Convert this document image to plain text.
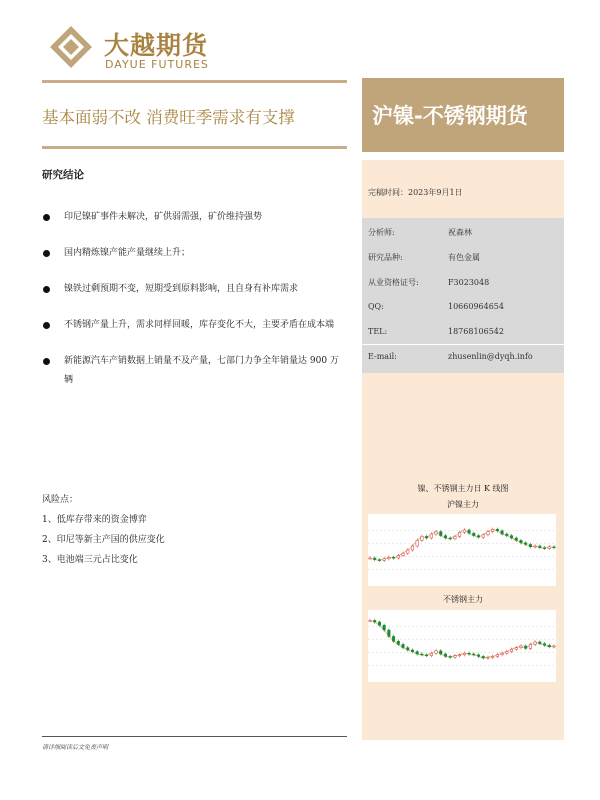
大越期货
DAYUE FUTURES
基本面弱不改 消费旺季需求有支撑	沪镍-不锈钢期货
研究结论
印尼镍矿事件未解决，矿供弱需强，矿价维持强势
国内精炼镍产能产量继续上升；
镍铁过剩预期不变，短期受到原料影响，且自身有补库需求
不锈钢产量上升，需求同样回暖，库存变化不大，主要矛盾在成本端
新能源汽车产销数据上销量不及产量，七部门力争全年销量达 900 万辆
风险点：
1、低库存带来的资金博弈
2、印尼等新主产国的供应变化
3、电池端三元占比变化
请详细阅读后文免责声明
完稿时间：2023年9月1日
分析师:	祝森林
研究品种:	有色金属
从业资格证号:	F3023048
QQ:	10660964654
TEL:	18768106542
E-mail:	zhusenlin@dyqh.info
镍、不锈钢主力日 K 线图
沪镍主力
不锈钢主力
